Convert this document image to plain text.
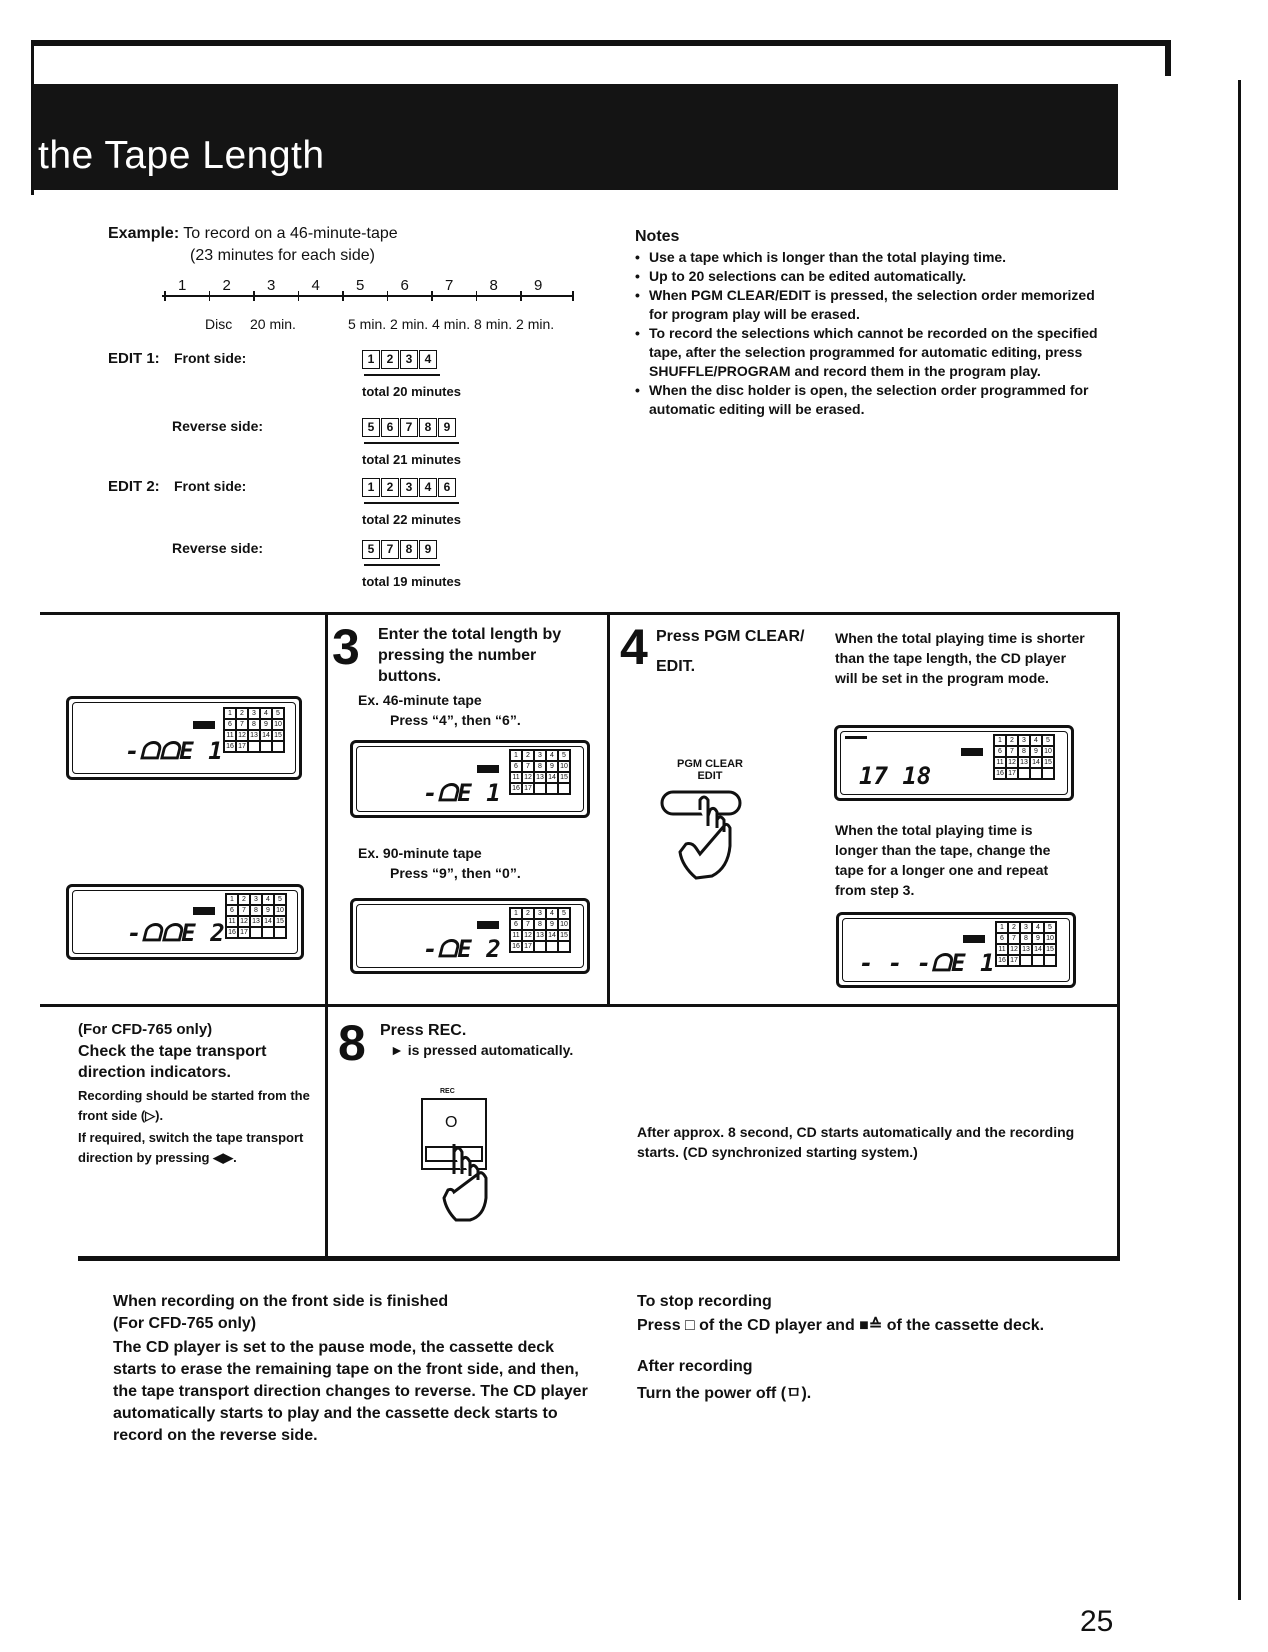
the Tape Length
Example: To record on a 46-minute-tape
(23 minutes for each side)
1 2 3 4 5 6 7 8 9
Disc 20 min.	5 min. 2 min. 4 min. 8 min. 2 min.
EDIT 1: Front side:	1 2 3 4
total 20 minutes
Reverse side:	5 6 7 8 9
total 21 minutes
EDIT 2: Front side:	1 2 3 4 6
total 22 minutes
Reverse side:	5 7 8 9
total 19 minutes
Notes
• Use a tape which is longer than the total playing time.
• Up to 20 selections can be edited automatically.
• When PGM CLEAR/EDIT is pressed, the selection order memorized for program play will be erased.
• To record the selections which cannot be recorded on the specified tape, after the selection programmed for automatic editing, press SHUFFLE/PROGRAM and record them in the program play.
• When the disc holder is open, the selection order programmed for automatic editing will be erased.
1	2	3	4	5
6	7	8	9 10
11 12 13 14 15
16 17
-ᗝᗝE 1
1	2	3	4	5
6	7	8	9 10
11 12 13 14 15
16 17
-ᗝᗝE 2
3 Enter the total length by pressing the number buttons.
Ex. 46-minute tape
Press “4”, then “6”.
1	2	3	4	5
6	7	8	9 10
11 12 13 14 15
16 17
-ᗝE 1
Ex. 90-minute tape
Press “9”, then “0”.
1	2	3	4	5
6	7	8	9 10
11 12 13 14 15
16 17
-ᗝE 2
4 Press PGM CLEAR/
EDIT.
PGM CLEAR
EDIT
When the total playing time is shorter than the tape length, the CD player will be set in the program mode.
1	2	3	4	5
6	7	8	9 10
11 12 13 14 15
16 17
17 18
When the total playing time is longer than the tape, change the tape for a longer one and repeat from step 3.
1	2	3	4	5
6	7	8	9 10
11 12 13 14 15
16 17
- - -ᗝE 1
(For CFD-765 only)
Check the tape transport direction indicators.
Recording should be started from the front side (▷).
If required, switch the tape transport direction by pressing ◀▶.
8 Press REC.
► is pressed automatically.
REC
O
After approx. 8 second, CD starts automatically and the recording starts. (CD synchronized starting system.)
When recording on the front side is finished
(For CFD-765 only)
The CD player is set to the pause mode, the cassette deck starts to erase the remaining tape on the front side, and then, the tape transport direction changes to reverse. The CD player automatically starts to play and the cassette deck starts to record on the reverse side.
To stop recording
Press □ of the CD player and ■≙ of the cassette deck.
After recording
Turn the power off (ㅁ).
25
